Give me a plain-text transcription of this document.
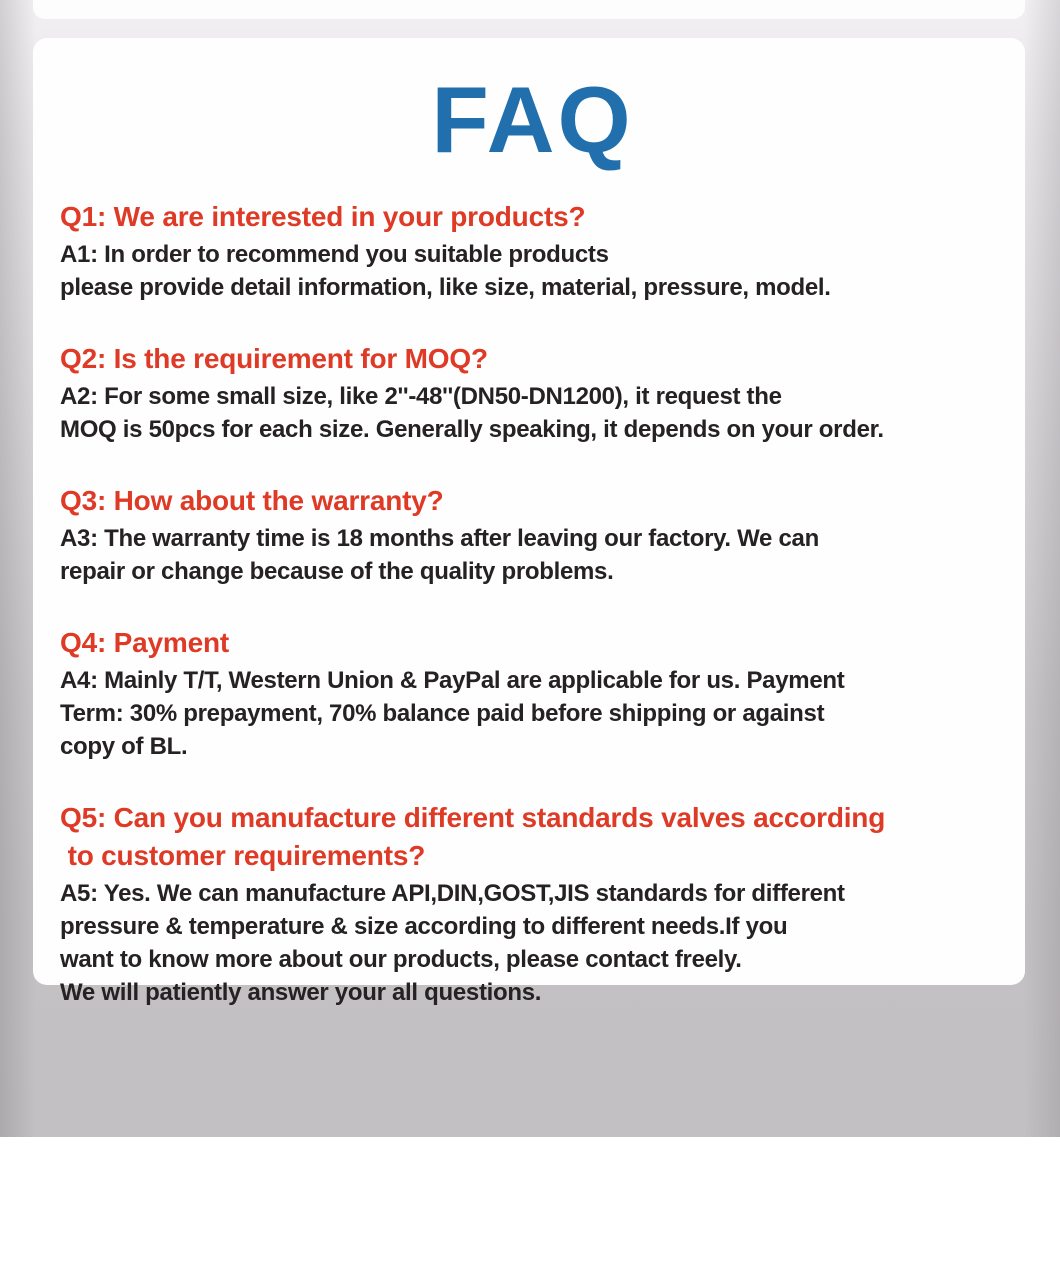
FAQ
Q1: We are interested in your products?
A1: In order to recommend you suitable products
please provide detail information, like size, material, pressure, model.
Q2: Is the requirement for MOQ?
A2: For some small size, like 2''-48''(DN50-DN1200), it request the
MOQ is 50pcs for each size. Generally speaking, it depends on your order.
Q3: How about the warranty?
A3: The warranty time is 18 months after leaving our factory. We can
repair or change because of the quality problems.
Q4: Payment
A4: Mainly T/T, Western Union & PayPal are applicable for us. Payment
Term: 30% prepayment, 70% balance paid before shipping or against
copy of BL.
Q5: Can you manufacture different standards valves according
to customer requirements?
A5: Yes. We can manufacture API,DIN,GOST,JIS standards for different
pressure & temperature & size according to different needs.If you
want to know more about our products, please contact freely.
We will patiently answer your all questions.
